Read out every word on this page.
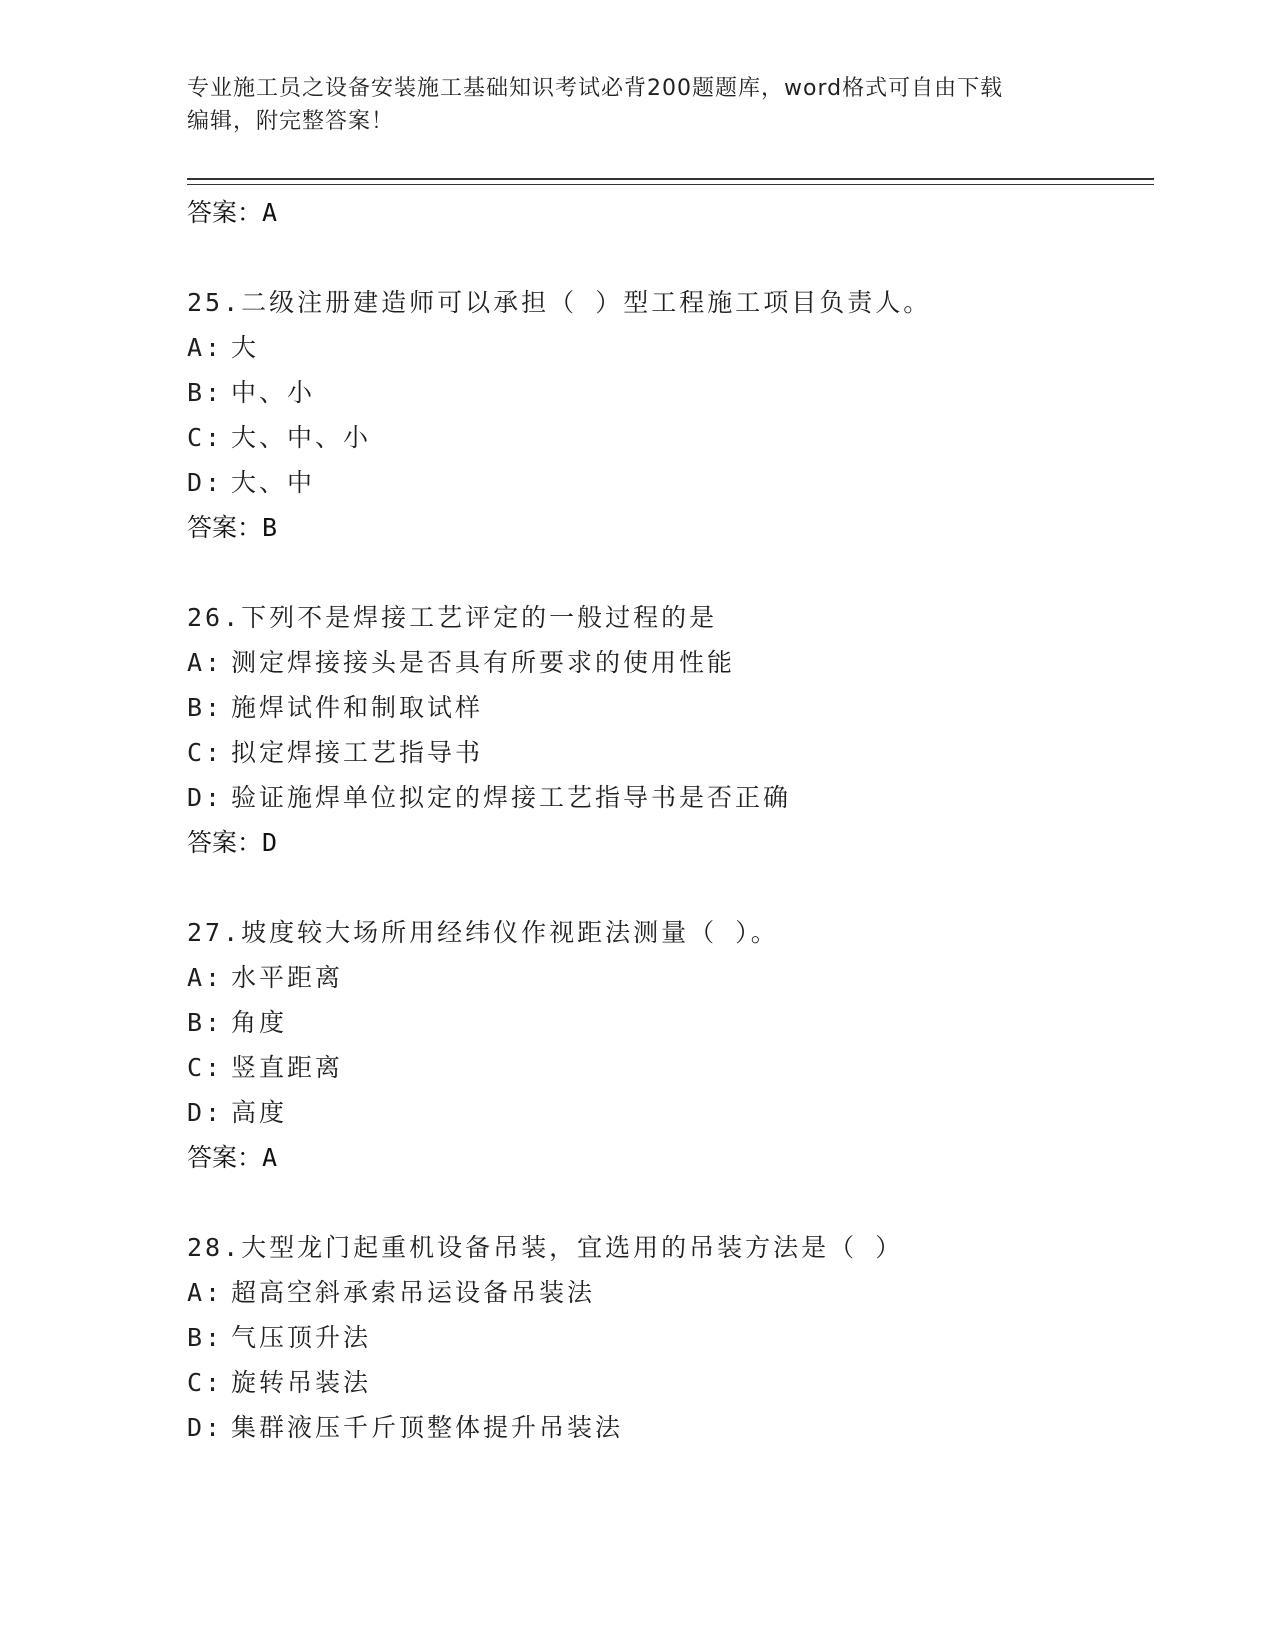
专业施工员之设备安装施工基础知识考试必背200题题库，word格式可自由下载
编辑，附完整答案！
答案：A
25.二级注册建造师可以承担（ ）型工程施工项目负责人。
A: 大
B: 中、小
C: 大、中、小
D: 大、中
答案：B
26.下列不是焊接工艺评定的一般过程的是
A: 测定焊接接头是否具有所要求的使用性能
B: 施焊试件和制取试样
C: 拟定焊接工艺指导书
D: 验证施焊单位拟定的焊接工艺指导书是否正确
答案：D
27.坡度较大场所用经纬仪作视距法测量（ ）。
A: 水平距离
B: 角度
C: 竖直距离
D: 高度
答案：A
28.大型龙门起重机设备吊装，宜选用的吊装方法是（ ）
A: 超高空斜承索吊运设备吊装法
B: 气压顶升法
C: 旋转吊装法
D: 集群液压千斤顶整体提升吊装法
